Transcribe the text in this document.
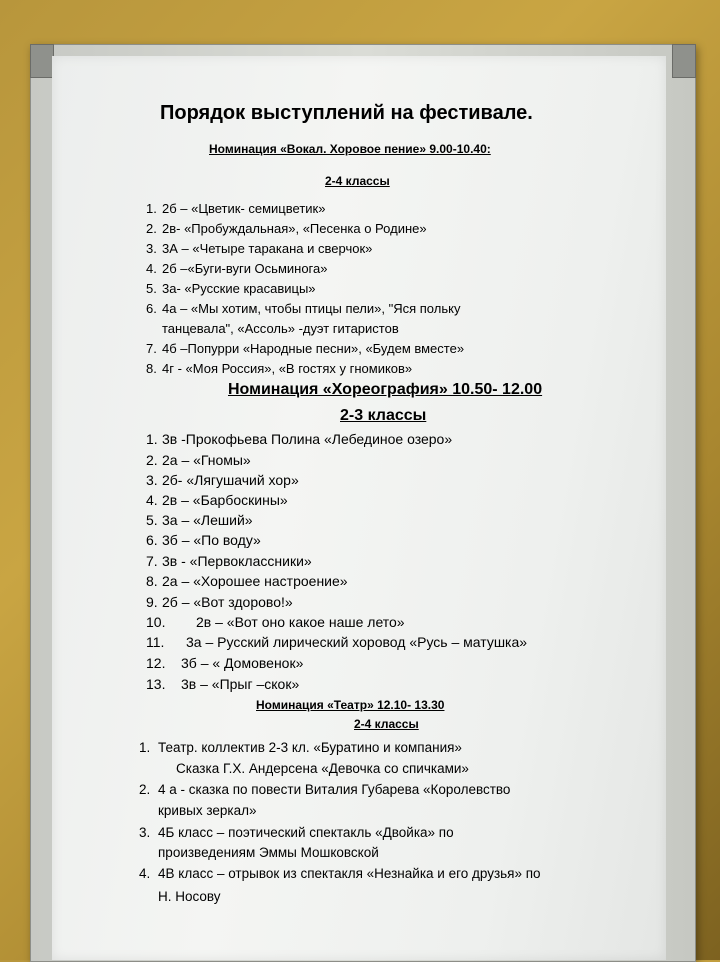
Порядок выступлений на фестивале.
Номинация «Вокал. Хоровое пение» 9.00-10.40:
2-4 классы
1. 2б – «Цветик- семицветик»
2. 2в- «Пробуждальная», «Песенка о Родине»
3. 3А – «Четыре таракана и сверчок»
4. 2б –«Буги-вуги Осьминога»
5. 3а- «Русские красавицы»
6. 4а – «Мы хотим, чтобы птицы пели», "Яся польку
танцевала", «Ассоль» -дуэт гитаристов
7. 4б –Попурри «Народные песни», «Будем вместе»
8. 4г - «Моя Россия», «В гостях у гномиков»
Номинация «Хореография» 10.50- 12.00
2-3 классы
1. 3в -Прокофьева Полина «Лебединое озеро»
2. 2а – «Гномы»
3. 2б- «Лягушачий хор»
4. 2в – «Барбоскины»
5. 3а – «Леший»
6. 3б – «По воду»
7. 3в - «Первоклассники»
8. 2а – «Хорошее настроение»
9. 2б – «Вот здорово!»
10. 2в – «Вот оно какое наше лето»
11. 3а – Русский лирический хоровод «Русь – матушка»
12. 3б – « Домовенок»
13. 3в – «Прыг –скок»
Номинация «Театр» 12.10- 13.30
2-4 классы
1. Театр. коллектив 2-3 кл. «Буратино и компания»
Сказка Г.Х. Андерсена «Девочка со спичками»
2. 4 а - сказка по повести Виталия Губарева «Королевство
кривых зеркал»
3. 4Б класс – поэтический спектакль «Двойка» по
произведениям Эммы Мошковской
4. 4В класс – отрывок из спектакля «Незнайка и его друзья» по
Н. Носову
